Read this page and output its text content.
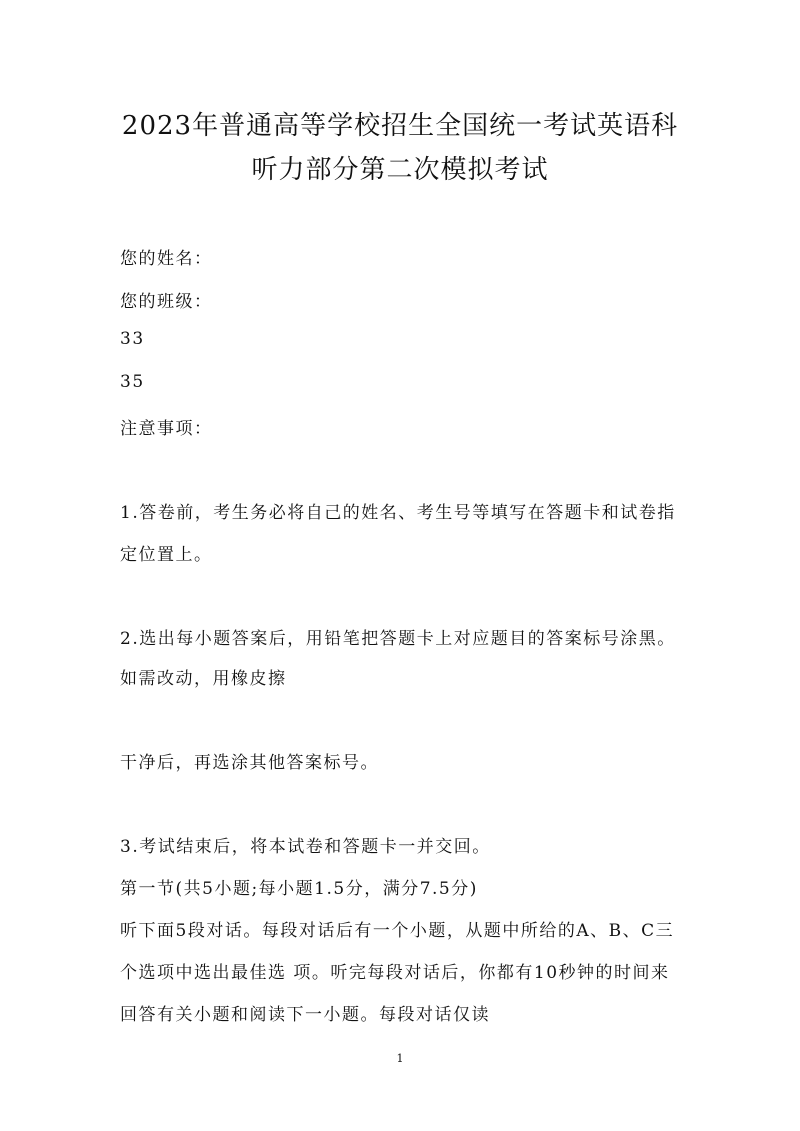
2023年普通高等学校招生全国统一考试英语科
听力部分第二次模拟考试
您的姓名：
您的班级：
33
35
注意事项：
1.答卷前，考生务必将自己的姓名、考生号等填写在答题卡和试卷指
定位置上。
2.选出每小题答案后，用铅笔把答题卡上对应题目的答案标号涂黑。
如需改动，用橡皮擦
干净后，再选涂其他答案标号。
3.考试结束后，将本试卷和答题卡一并交回。
第一节(共5小题;每小题1.5分，满分7.5分)
听下面5段对话。每段对话后有一个小题，从题中所给的A、B、C三
个选项中选出最佳选 项。听完每段对话后，你都有10秒钟的时间来
回答有关小题和阅读下一小题。每段对话仅读
1
